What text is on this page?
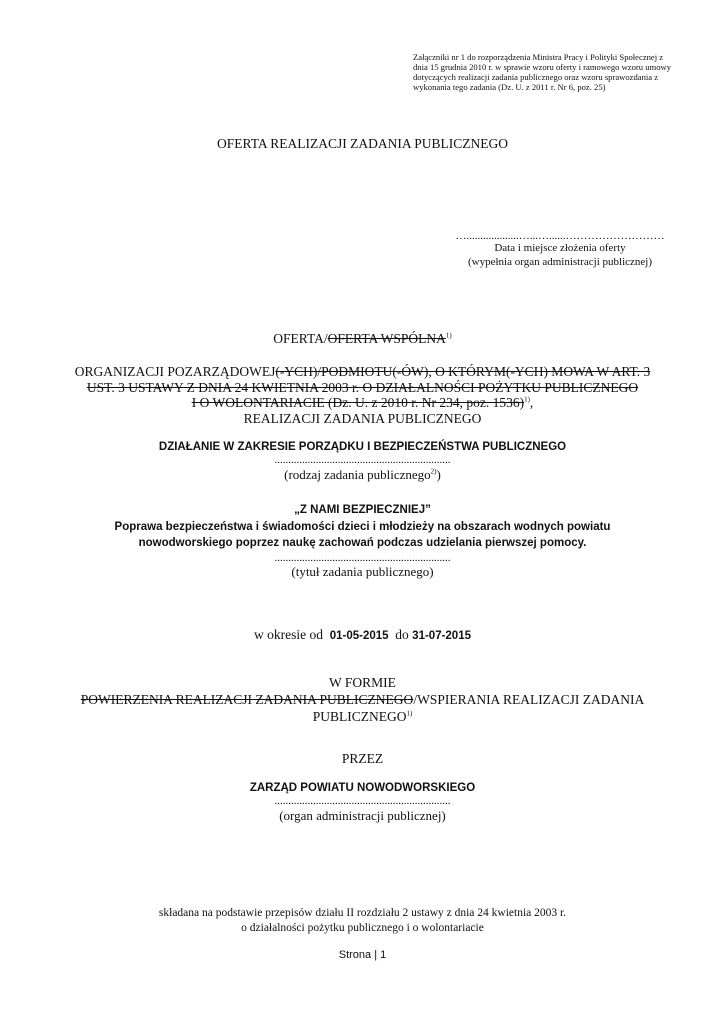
Załączniki nr 1 do rozporządzenia Ministra Pracy i Polityki Społecznej z dnia 15 grudnia 2010 r. w sprawie wzoru oferty i ramowego wzoru umowy dotyczących realizacji zadania publicznego oraz wzoru sprawozdania z wykonania tego zadania (Dz. U. z 2011 r. Nr 6, poz. 25)
OFERTA REALIZACJI ZADANIA PUBLICZNEGO
…...................…...…......………………………
Data i miejsce złożenia oferty
(wypełnia organ administracji publicznej)
OFERTA/OFERTA WSPÓLNA$^{1)}$
ORGANIZACJI POZARZĄDOWEJ(-YCH)/PODMIOTU(-ÓW), O KTÓRYM(-YCH) MOWA W ART. 3
UST. 3 USTAWY Z DNIA 24 KWIETNIA 2003 r. O DZIAŁALNOŚCI POŻYTKU PUBLICZNEGO
I O WOLONTARIACIE (Dz. U. z 2010 r. Nr 234, poz. 1536)$^{1)}$,
REALIZACJI ZADANIA PUBLICZNEGO
DZIAŁANIE W ZAKRESIE PORZĄDKU I BEZPIECZEŃSTWA PUBLICZNEGO
................................................................
(rodzaj zadania publicznego$^{2)}$)
„Z NAMI BEZPIECZNIEJ”
Poprawa bezpieczeństwa i świadomości dzieci i młodzieży na obszarach wodnych powiatu
nowodworskiego poprzez naukę zachowań podczas udzielania pierwszej pomocy.
................................................................
(tytuł zadania publicznego)
w okresie od 01-05-2015 do 31-07-2015
W FORMIE
POWIERZENIA REALIZACJI ZADANIA PUBLICZNEGO/WSPIERANIA REALIZACJI ZADANIA
PUBLICZNEGO$^{1)}$
PRZEZ
ZARZĄD POWIATU NOWODWORSKIEGO
................................................................
(organ administracji publicznej)
składana na podstawie przepisów działu II rozdziału 2 ustawy z dnia 24 kwietnia 2003 r.
o działalności pożytku publicznego i o wolontariacie
Strona | 1
